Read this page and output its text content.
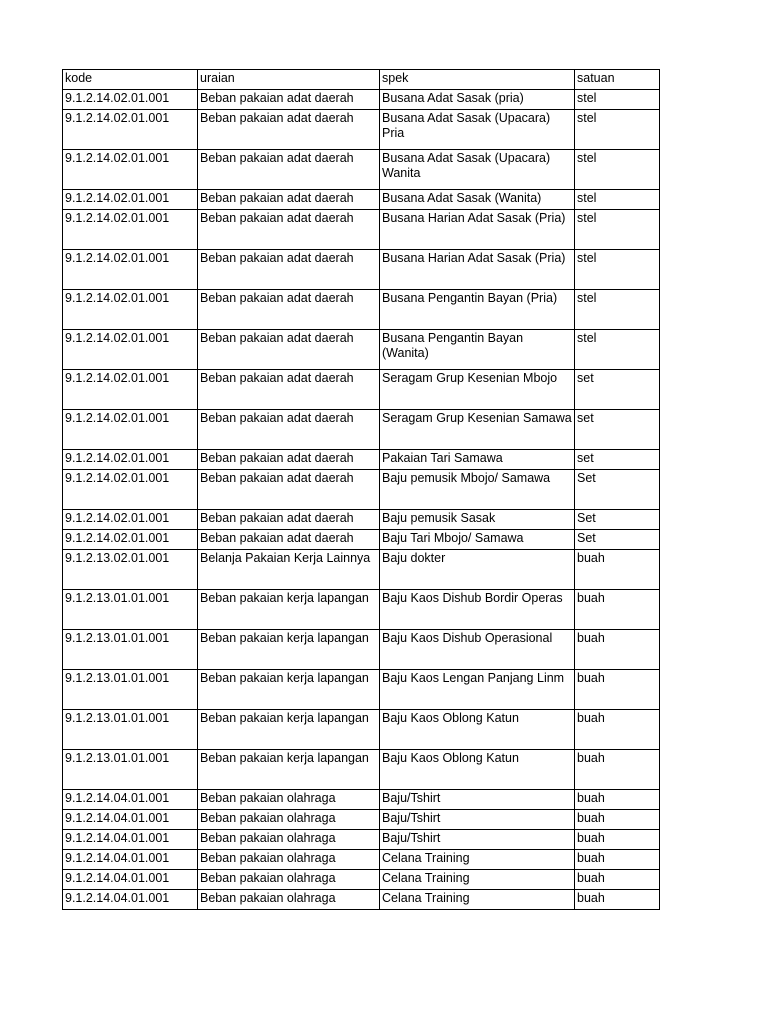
kode	uraian	spek	satuan
9.1.2.14.02.01.001	Beban pakaian adat daerah	Busana Adat Sasak (pria)	stel
9.1.2.14.02.01.001	Beban pakaian adat daerah	Busana Adat Sasak (Upacara) Pria	stel
9.1.2.14.02.01.001	Beban pakaian adat daerah	Busana Adat Sasak (Upacara) Wanita	stel
9.1.2.14.02.01.001	Beban pakaian adat daerah	Busana Adat Sasak (Wanita)	stel
9.1.2.14.02.01.001	Beban pakaian adat daerah	Busana Harian Adat Sasak (Pria)	stel
9.1.2.14.02.01.001	Beban pakaian adat daerah	Busana Harian Adat Sasak (Pria)	stel
9.1.2.14.02.01.001	Beban pakaian adat daerah	Busana Pengantin Bayan (Pria)	stel
9.1.2.14.02.01.001	Beban pakaian adat daerah	Busana Pengantin Bayan (Wanita)	stel
9.1.2.14.02.01.001	Beban pakaian adat daerah	Seragam Grup Kesenian Mbojo	set
9.1.2.14.02.01.001	Beban pakaian adat daerah	Seragam Grup Kesenian Samawa	set
9.1.2.14.02.01.001	Beban pakaian adat daerah	Pakaian Tari Samawa	set
9.1.2.14.02.01.001	Beban pakaian adat daerah	Baju pemusik Mbojo/ Samawa	Set
9.1.2.14.02.01.001	Beban pakaian adat daerah	Baju pemusik Sasak	Set
9.1.2.14.02.01.001	Beban pakaian adat daerah	Baju Tari Mbojo/ Samawa	Set
9.1.2.13.02.01.001	Belanja Pakaian Kerja Lainnya	Baju dokter	buah
9.1.2.13.01.01.001	Beban pakaian kerja lapangan	Baju Kaos Dishub Bordir Operas	buah
9.1.2.13.01.01.001	Beban pakaian kerja lapangan	Baju Kaos Dishub Operasional	buah
9.1.2.13.01.01.001	Beban pakaian kerja lapangan	Baju Kaos Lengan Panjang Linm	buah
9.1.2.13.01.01.001	Beban pakaian kerja lapangan	Baju Kaos Oblong Katun	buah
9.1.2.13.01.01.001	Beban pakaian kerja lapangan	Baju Kaos Oblong Katun	buah
9.1.2.14.04.01.001	Beban pakaian olahraga	Baju/Tshirt	buah
9.1.2.14.04.01.001	Beban pakaian olahraga	Baju/Tshirt	buah
9.1.2.14.04.01.001	Beban pakaian olahraga	Baju/Tshirt	buah
9.1.2.14.04.01.001	Beban pakaian olahraga	Celana Training	buah
9.1.2.14.04.01.001	Beban pakaian olahraga	Celana Training	buah
9.1.2.14.04.01.001	Beban pakaian olahraga	Celana Training	buah
